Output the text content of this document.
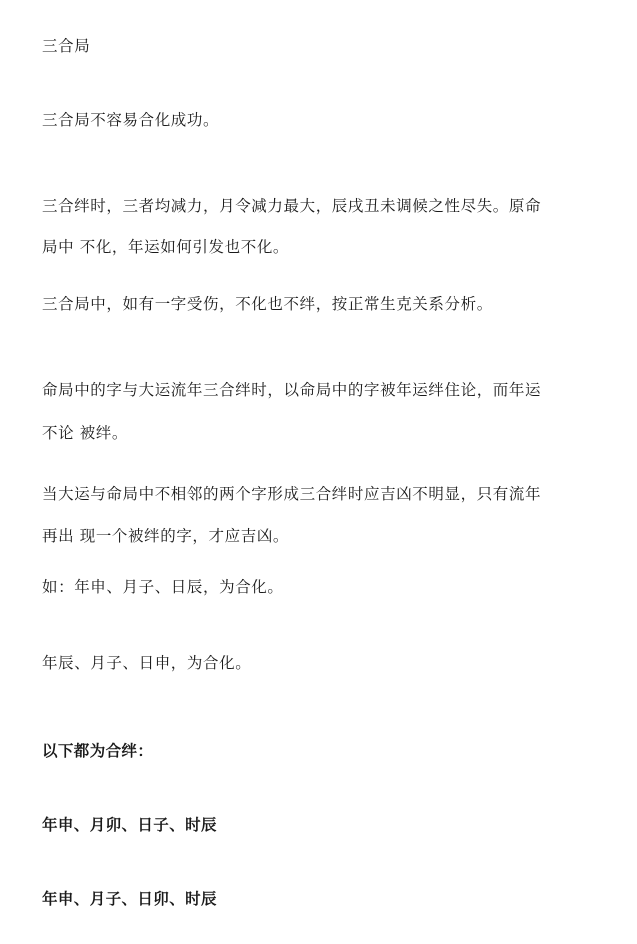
三合局
三合局不容易合化成功。
三合绊时，三者均减力，月令减力最大，辰戌丑未调候之性尽失。原命
局中 不化，年运如何引发也不化。
三合局中，如有一字受伤，不化也不绊，按正常生克关系分析。
命局中的字与大运流年三合绊时，以命局中的字被年运绊住论，而年运
不论 被绊。
当大运与命局中不相邻的两个字形成三合绊时应吉凶不明显，只有流年
再出 现一个被绊的字，才应吉凶。
如：年申、月子、日辰，为合化。
年辰、月子、日申，为合化。
以下都为合绊：
年申、月卯、日子、时辰
年申、月子、日卯、时辰
